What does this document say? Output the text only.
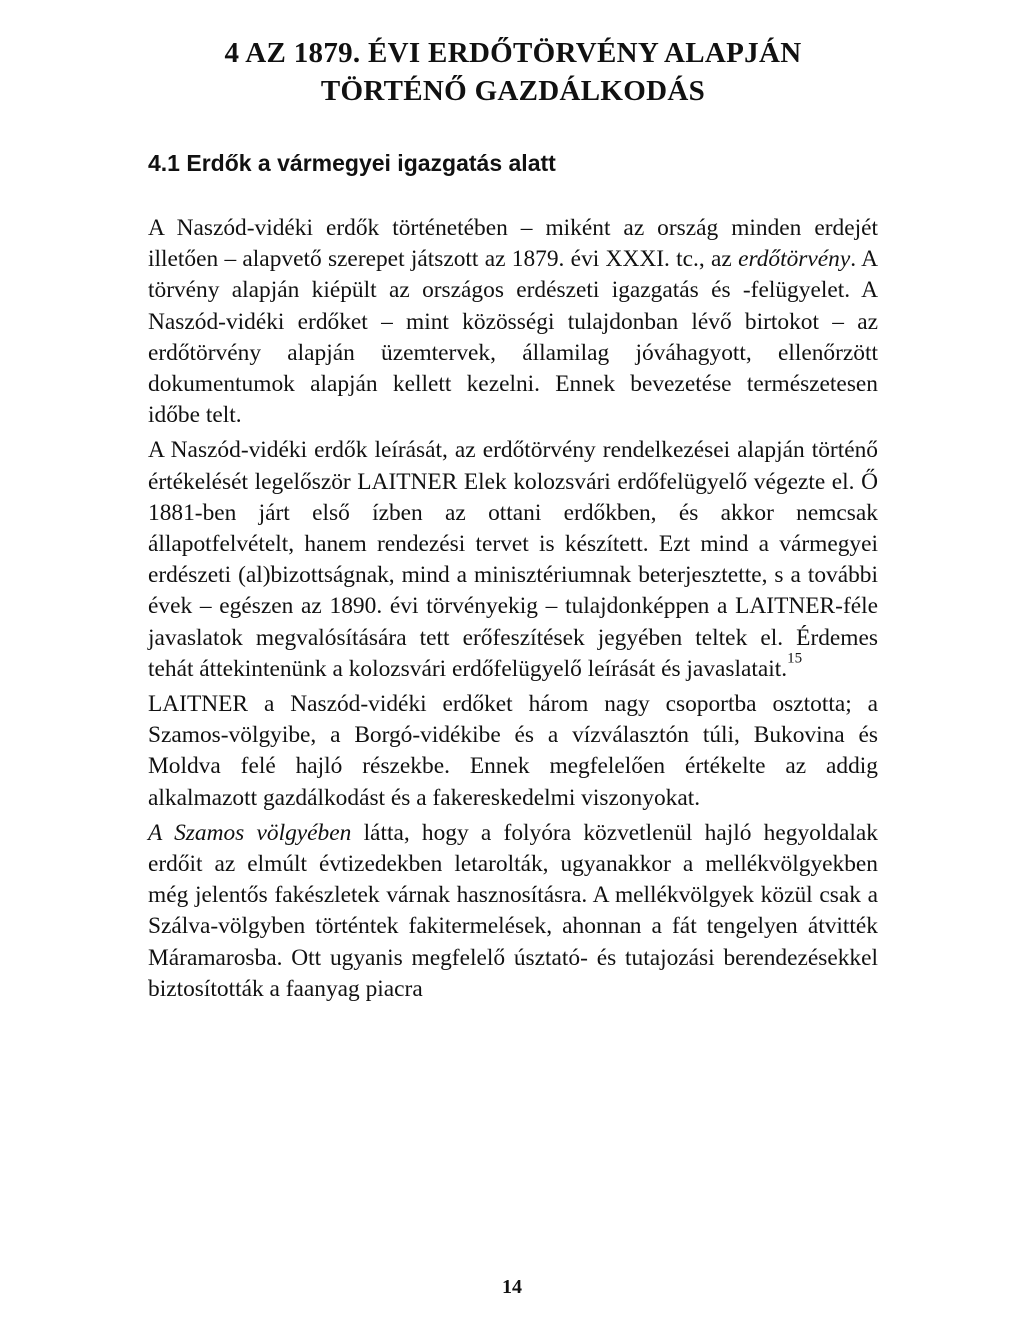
4 AZ 1879. ÉVI ERDŐTÖRVÉNY ALAPJÁN
TÖRTÉNŐ GAZDÁLKODÁS
4.1 Erdők a vármegyei igazgatás alatt

A Naszód-vidéki erdők történetében – miként az ország minden erdejét illetően – alapvető szerepet játszott az 1879. évi XXXI. tc., az erdőtörvény. A törvény alapján kiépült az országos erdészeti igazgatás és -felügyelet. A Naszód-vidéki erdőket – mint közösségi tulajdonban lévő birtokot – az erdőtörvény alapján üzemtervek, államilag jóváhagyott, ellenőrzött dokumentumok alapján kellett kezelni. Ennek bevezetése természetesen időbe telt.

A Naszód-vidéki erdők leírását, az erdőtörvény rendelkezései alapján történő értékelését legelőször LAITNER Elek kolozsvári erdőfelügyelő végezte el. Ő 1881-ben járt első ízben az ottani erdőkben, és akkor nemcsak állapotfelvételt, hanem rendezési tervet is készített. Ezt mind a vármegyei erdészeti (al)bizottságnak, mind a minisztériumnak beterjesztette, s a további évek – egészen az 1890. évi törvényekig – tulajdonképpen a LAITNER-féle javaslatok megvalósítására tett erőfeszítések jegyében teltek el. Érdemes tehát áttekintenünk a kolozsvári erdőfelügyelő leírását és javaslatait.$^{15}$

LAITNER a Naszód-vidéki erdőket három nagy csoportba osztotta; a Szamos-völgyibe, a Borgó-vidékibe és a vízválasztón túli, Bukovina és Moldva felé hajló részekbe. Ennek megfelelően értékelte az addig alkalmazott gazdálkodást és a fakereskedelmi viszonyokat.

A Szamos völgyében látta, hogy a folyóra közvetlenül hajló hegyoldalak erdőit az elmúlt évtizedekben letarolták, ugyanakkor a mellékvölgyekben még jelentős fakészletek várnak hasznosításra. A mellékvölgyek közül csak a Szálva-völgyben történtek fakitermelések, ahonnan a fát tengelyen átvitték Máramarosba. Ott ugyanis megfelelő úsztató- és tutajozási berendezésekkel biztosították a faanyag piacra

14
